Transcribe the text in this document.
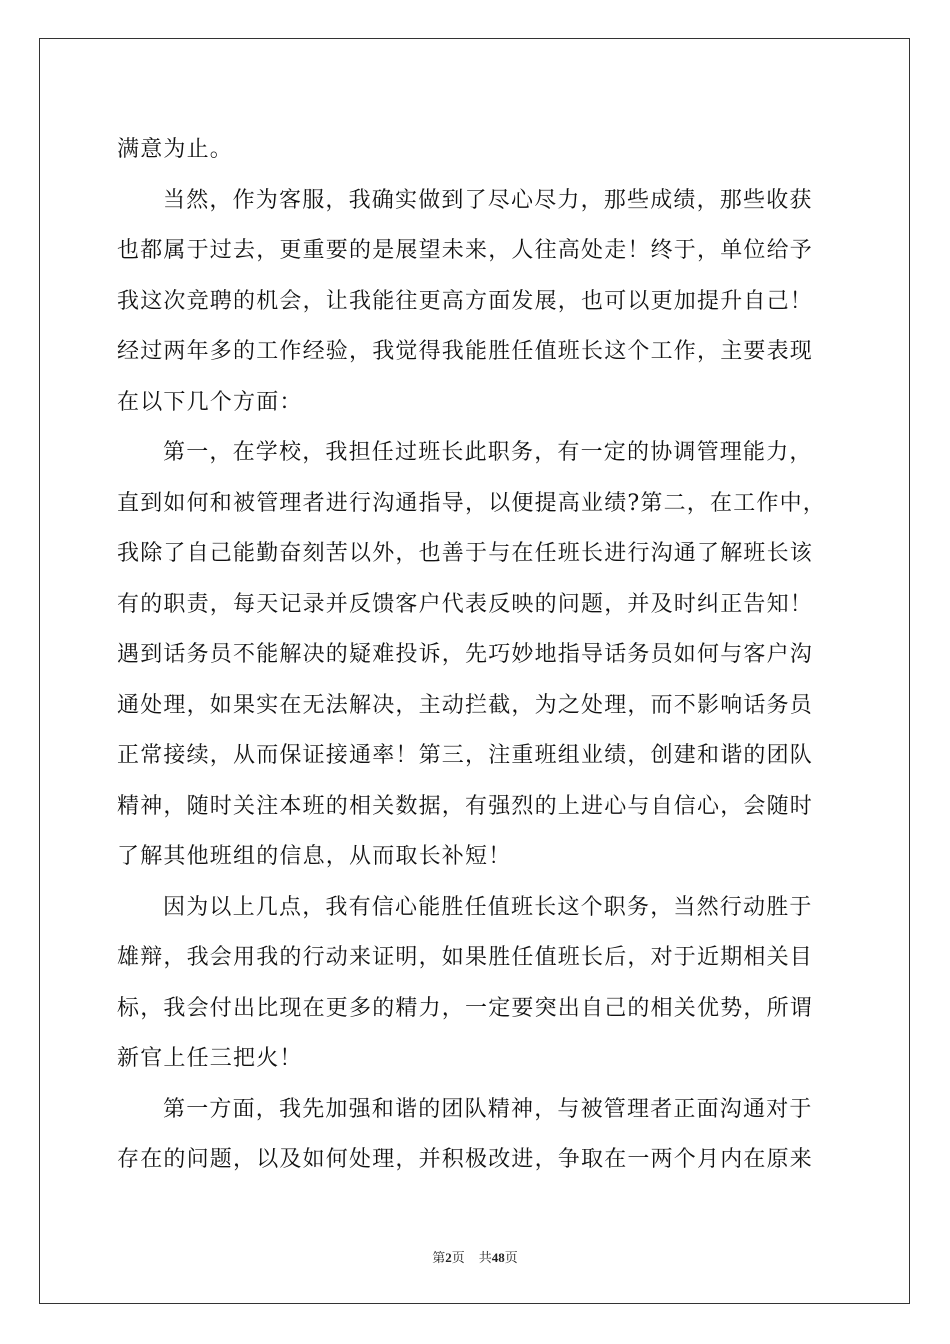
满意为止。
当然，作为客服，我确实做到了尽心尽力，那些成绩，那些收获
也都属于过去，更重要的是展望未来，人往高处走！终于，单位给予
我这次竞聘的机会，让我能往更高方面发展，也可以更加提升自己！
经过两年多的工作经验，我觉得我能胜任值班长这个工作，主要表现
在以下几个方面：
第一，在学校，我担任过班长此职务，有一定的协调管理能力，
直到如何和被管理者进行沟通指导，以便提高业绩?第二，在工作中，
我除了自己能勤奋刻苦以外，也善于与在任班长进行沟通了解班长该
有的职责，每天记录并反馈客户代表反映的问题，并及时纠正告知！
遇到话务员不能解决的疑难投诉，先巧妙地指导话务员如何与客户沟
通处理，如果实在无法解决，主动拦截，为之处理，而不影响话务员
正常接续，从而保证接通率！第三，注重班组业绩，创建和谐的团队
精神，随时关注本班的相关数据，有强烈的上进心与自信心，会随时
了解其他班组的信息，从而取长补短！
因为以上几点，我有信心能胜任值班长这个职务，当然行动胜于
雄辩，我会用我的行动来证明，如果胜任值班长后，对于近期相关目
标，我会付出比现在更多的精力，一定要突出自己的相关优势，所谓
新官上任三把火！
第一方面，我先加强和谐的团队精神，与被管理者正面沟通对于
存在的问题，以及如何处理，并积极改进，争取在一两个月内在原来
第2页 共48页
